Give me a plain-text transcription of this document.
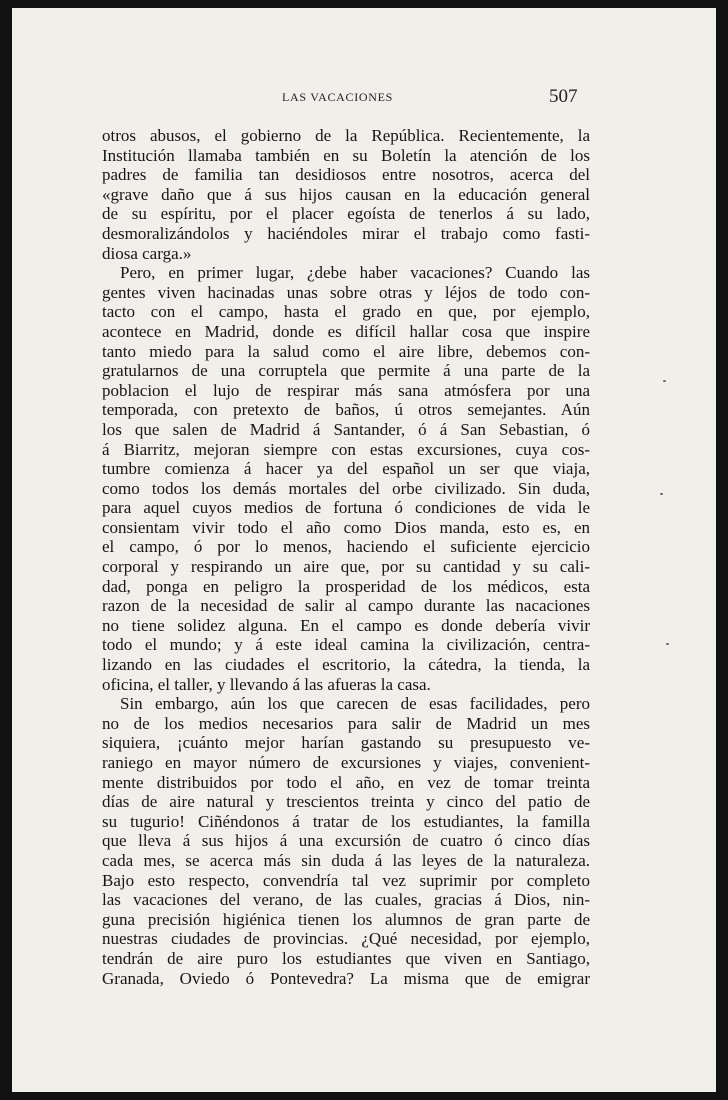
LAS VACACIONES	507
otros abusos, el gobierno de la República. Recientemente, la
Institución llamaba también en su Boletín la atención de los
padres de familia tan desidiosos entre nosotros, acerca del
«grave daño que á sus hijos causan en la educación general
de su espíritu, por el placer egoísta de tenerlos á su lado,
desmoralizándolos y haciéndoles mirar el trabajo como fasti-
diosa carga.»
Pero, en primer lugar, ¿debe haber vacaciones? Cuando las
gentes viven hacinadas unas sobre otras y léjos de todo con-
tacto con el campo, hasta el grado en que, por ejemplo,
acontece en Madrid, donde es difícil hallar cosa que inspire
tanto miedo para la salud como el aire libre, debemos con-
gratularnos de una corruptela que permite á una parte de la
poblacion el lujo de respirar más sana atmósfera por una
temporada, con pretexto de baños, ú otros semejantes. Aún
los que salen de Madrid á Santander, ó á San Sebastian, ó
á Biarritz, mejoran siempre con estas excursiones, cuya cos-
tumbre comienza á hacer ya del español un ser que viaja,
como todos los demás mortales del orbe civilizado. Sin duda,
para aquel cuyos medios de fortuna ó condiciones de vida le
consientam vivir todo el año como Dios manda, esto es, en
el campo, ó por lo menos, haciendo el suficiente ejercicio
corporal y respirando un aire que, por su cantidad y su cali-
dad, ponga en peligro la prosperidad de los médicos, esta
razon de la necesidad de salir al campo durante las nacaciones
no tiene solidez alguna. En el campo es donde debería vivir
todo el mundo; y á este ideal camina la civilización, centra-
lizando en las ciudades el escritorio, la cátedra, la tienda, la
oficina, el taller, y llevando á las afueras la casa.
Sin embargo, aún los que carecen de esas facilidades, pero
no de los medios necesarios para salir de Madrid un mes
siquiera, ¡cuánto mejor harían gastando su presupuesto ve-
raniego en mayor número de excursiones y viajes, convenient-
mente distribuidos por todo el año, en vez de tomar treinta
días de aire natural y trescientos treinta y cinco del patio de
su tugurio! Ciñéndonos á tratar de los estudiantes, la familla
que lleva á sus hijos á una excursión de cuatro ó cinco días
cada mes, se acerca más sin duda á las leyes de la naturaleza.
Bajo esto respecto, convendría tal vez suprimir por completo
las vacaciones del verano, de las cuales, gracias á Dios, nin-
guna precisión higiénica tienen los alumnos de gran parte de
nuestras ciudades de provincias. ¿Qué necesidad, por ejemplo,
tendrán de aire puro los estudiantes que viven en Santiago,
Granada, Oviedo ó Pontevedra? La misma que de emigrar
